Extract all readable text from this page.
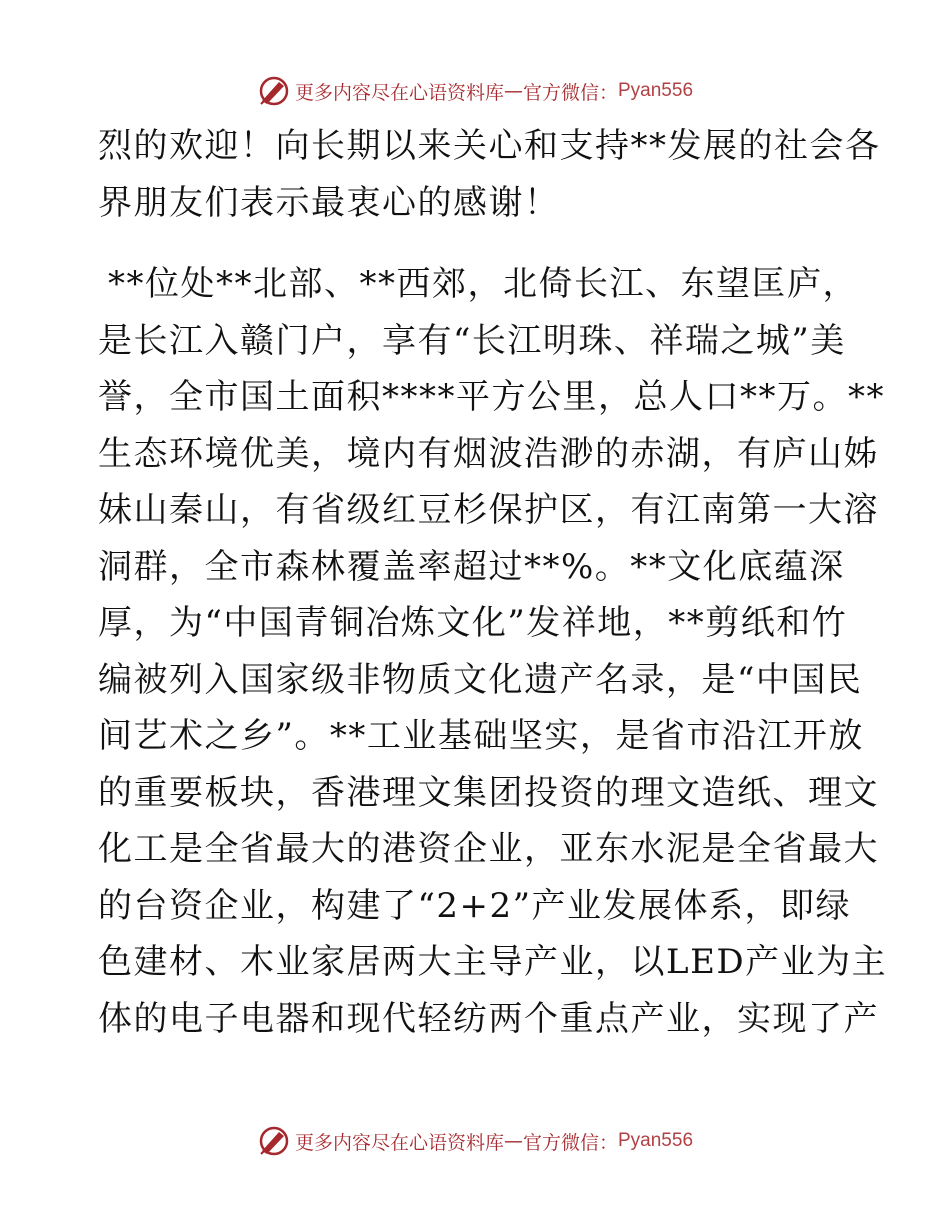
更多内容尽在心语资料库 — 官方微信： Pyan556
烈的欢迎！向长期以来关心和支持**发展的社会各
界朋友们表示最衷心的感谢！
**位处**北部、**西郊，北倚长江、东望匡庐，
是长江入赣门户，享有“长江明珠、祥瑞之城”美
誉，全市国土面积****平方公里，总人口**万。**
生态环境优美，境内有烟波浩渺的赤湖，有庐山姊
妹山秦山，有省级红豆杉保护区，有江南第一大溶
洞群，全市森林覆盖率超过**%。**文化底蕴深
厚，为“中国青铜冶炼文化”发祥地，**剪纸和竹
编被列入国家级非物质文化遗产名录，是“中国民
间艺术之乡”。**工业基础坚实，是省市沿江开放
的重要板块，香港理文集团投资的理文造纸、理文
化工是全省最大的港资企业，亚东水泥是全省最大
的台资企业，构建了“2+2”产业发展体系，即绿
色建材、木业家居两大主导产业，以LED产业为主
体的电子电器和现代轻纺两个重点产业，实现了产
更多内容尽在心语资料库 — 官方微信： Pyan556
